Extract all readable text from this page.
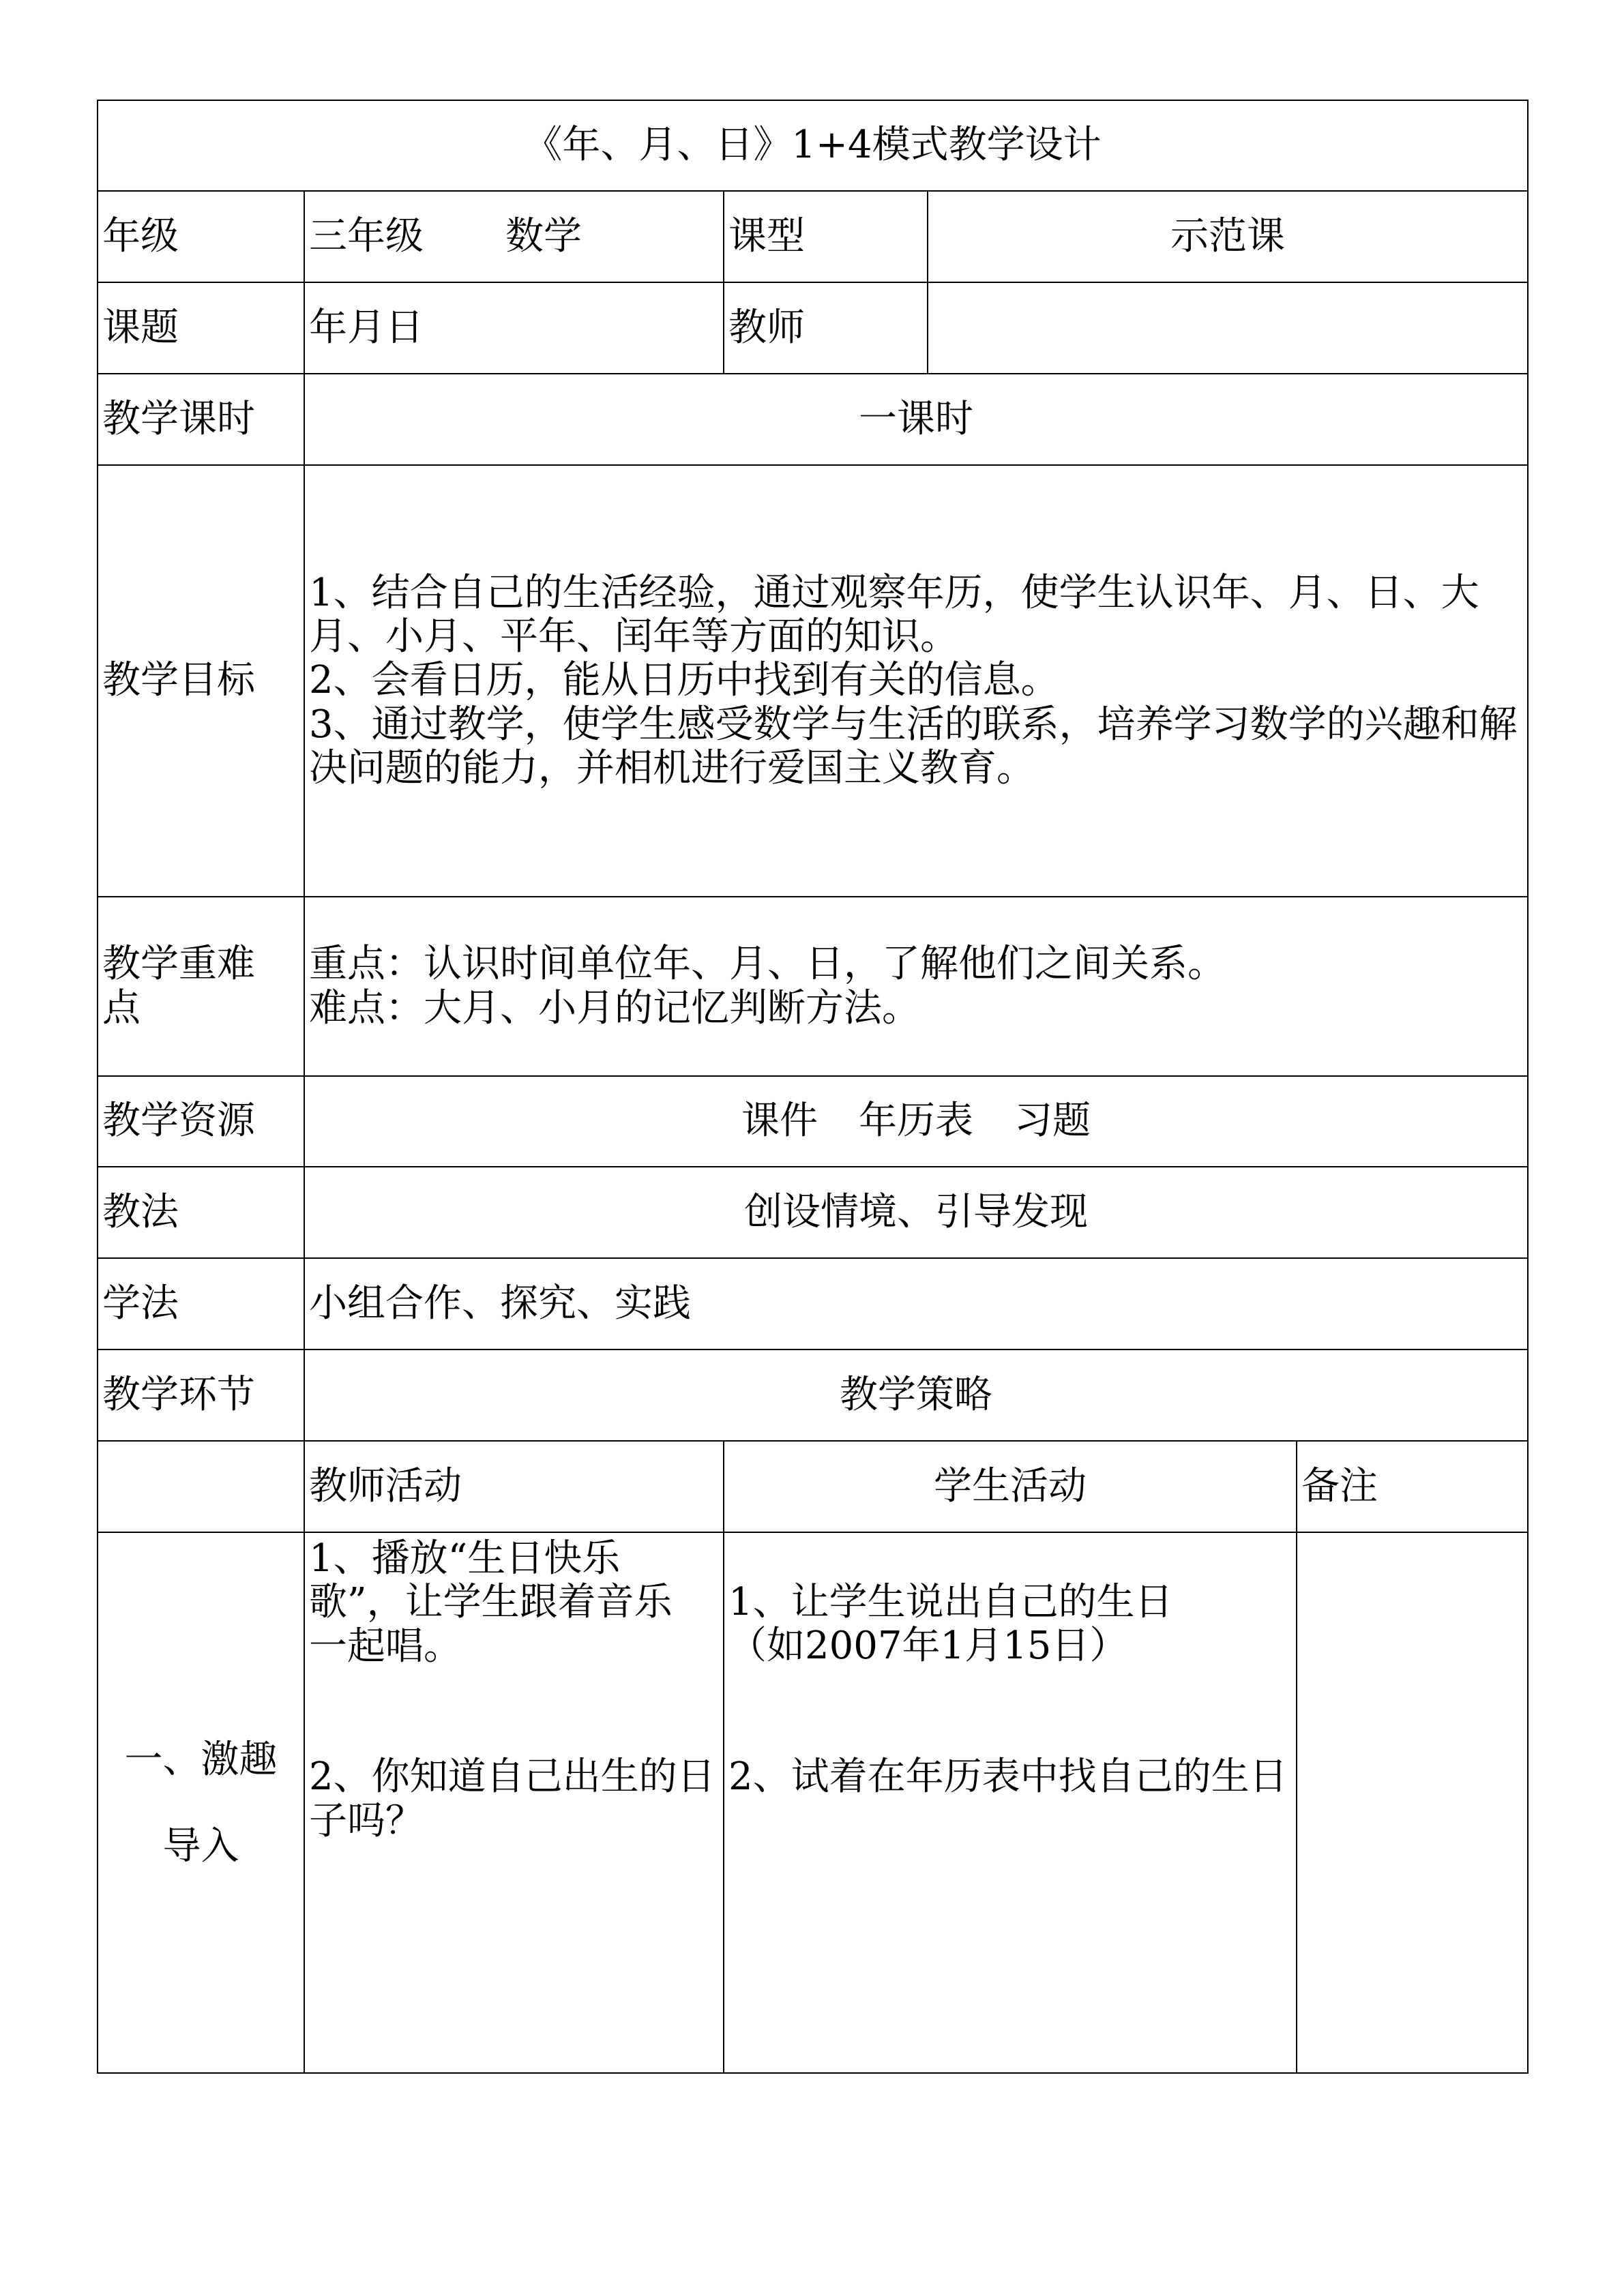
《年、月、日》1+4模式教学设计				
年级	三年级 数学	课型	示范课	
课题	年月日	教师		
教学课时	一课时			
教学目标	1、结合自己的生活经验，通过观察年历，使学生认识年、月、日、大
月、小月、平年、闰年等方面的知识。
2、会看日历，能从日历中找到有关的信息。
3、通过教学，使学生感受数学与生活的联系，培养学习数学的兴趣和解
决问题的能力，并相机进行爱国主义教育。			

教学重难
点	重点：认识时间单位年、月、日，了解他们之间关系。
难点：大月、小月的记忆判断方法。			

教学资源	课件 年历表 习题			
教法	创设情境、引导发现			
学法	小组合作、探究、实践			
教学环节	教学策略			
	教师活动	学生活动		备注

一、激趣
导入	1、播放“生日快乐
歌”，让学生跟着音乐
一起唱。
2、你知道自己出生的日
子吗？	1、让学生说出自己的生日
（如2007年1月15日）
2、试着在年历表中找自己的生日		
